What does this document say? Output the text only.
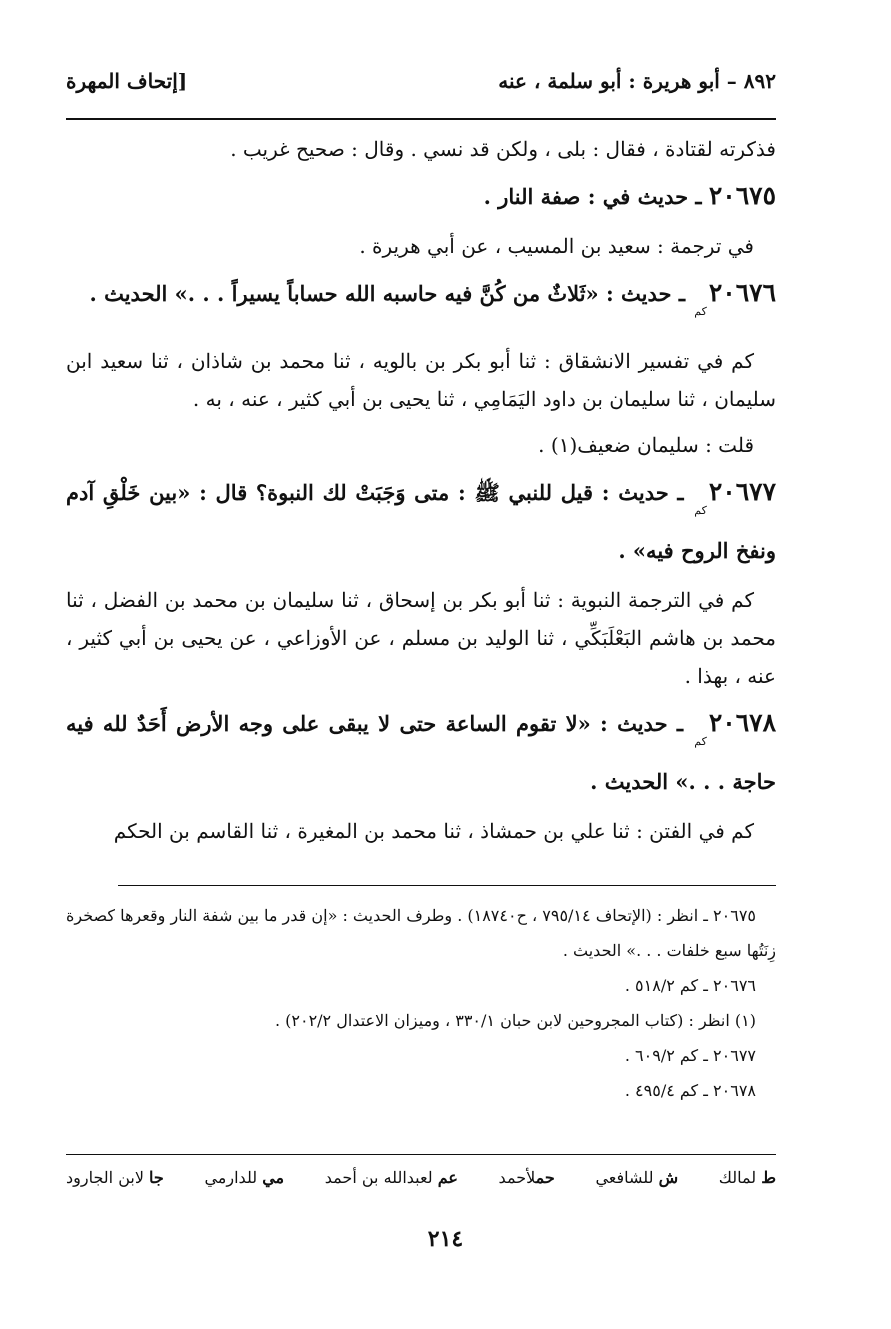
٨٩٢ – أبو هريرة : أبو سلمة ، عنه
[إتحاف المهرة

فذكرته لقتادة ، فقال : بلى ، ولكن قد نسي . وقال : صحيح غريب .

٢٠٦٧٥ ـ حديث في : صفة النار .

في ترجمة : سعيد بن المسيب ، عن أبي هريرة .

$٢٠٦٧٦_{كم}$ ـ حديث : «ثَلاثٌ من كُنَّ فيه حاسبه الله حساباً يسيراً . . .» الحديث .

كم في تفسير الانشقاق : ثنا أبو بكر بن بالويه ، ثنا محمد بن شاذان ، ثنا سعيد ابن سليمان ، ثنا سليمان بن داود اليَمَامِي ، ثنا يحيى بن أبي كثير ، عنه ، به .

قلت : سليمان ضعيف(١) .

$٢٠٦٧٧_{كم}$ ـ حديث : قيل للنبي ﷺ : متى وَجَبَتْ لك النبوة؟ قال : «بين خَلْقِ آدم ونفخ الروح فيه» .

كم في الترجمة النبوية : ثنا أبو بكر بن إسحاق ، ثنا سليمان بن محمد بن الفضل ، ثنا محمد بن هاشم البَعْلَبَكِّي ، ثنا الوليد بن مسلم ، عن الأوزاعي ، عن يحيى بن أبي كثير ، عنه ، بهذا .

$٢٠٦٧٨_{كم}$ ـ حديث : «لا تقوم الساعة حتى لا يبقى على وجه الأرض أَحَدٌ لله فيه حاجة . . .» الحديث .

كم في الفتن : ثنا علي بن حمشاذ ، ثنا محمد بن المغيرة ، ثنا القاسم بن الحكم

٢٠٦٧٥ ـ انظر : (الإتحاف ٧٩٥/١٤ ، ح١٨٧٤٠) . وطرف الحديث : «إن قدر ما بين شفة النار وقعرها كصخرة زِنَتُها سبع خلفات . . .» الحديث .

٢٠٦٧٦ ـ كم ٥١٨/٢ .

(١) انظر : (كتاب المجروحين لابن حبان ٣٣٠/١ ، وميزان الاعتدال ٢٠٢/٢) .

٢٠٦٧٧ ـ كم ٦٠٩/٢ .

٢٠٦٧٨ ـ كم ٤٩٥/٤ .

ط لمالك
ش للشافعي
حملأحمد
عم لعبدالله بن أحمد
مي للدارمي
جا لابن الجارود
٢١٤
